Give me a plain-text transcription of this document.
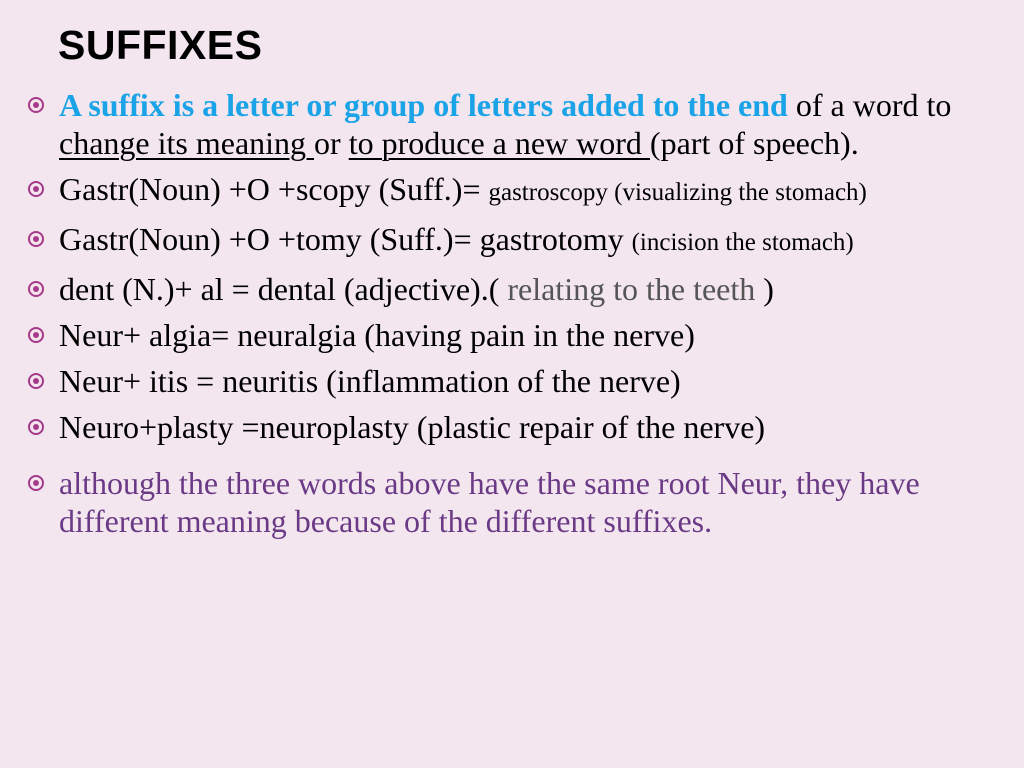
SUFFIXES
A suffix is a letter or group of letters added to the end of a word to change its meaning or to produce a new word (part of speech).
Gastr(Noun) +O +scopy (Suff.)= gastroscopy (visualizing the stomach)
Gastr(Noun) +O +tomy (Suff.)= gastrotomy (incision the stomach)
dent (N.)+ al = dental (adjective).( relating to the teeth )
Neur+ algia= neuralgia (having pain in the nerve)
Neur+ itis = neuritis (inflammation of the nerve)
Neuro+plasty =neuroplasty (plastic repair of the nerve)
although the three words above have the same root Neur, they have different meaning because of the different suffixes.
